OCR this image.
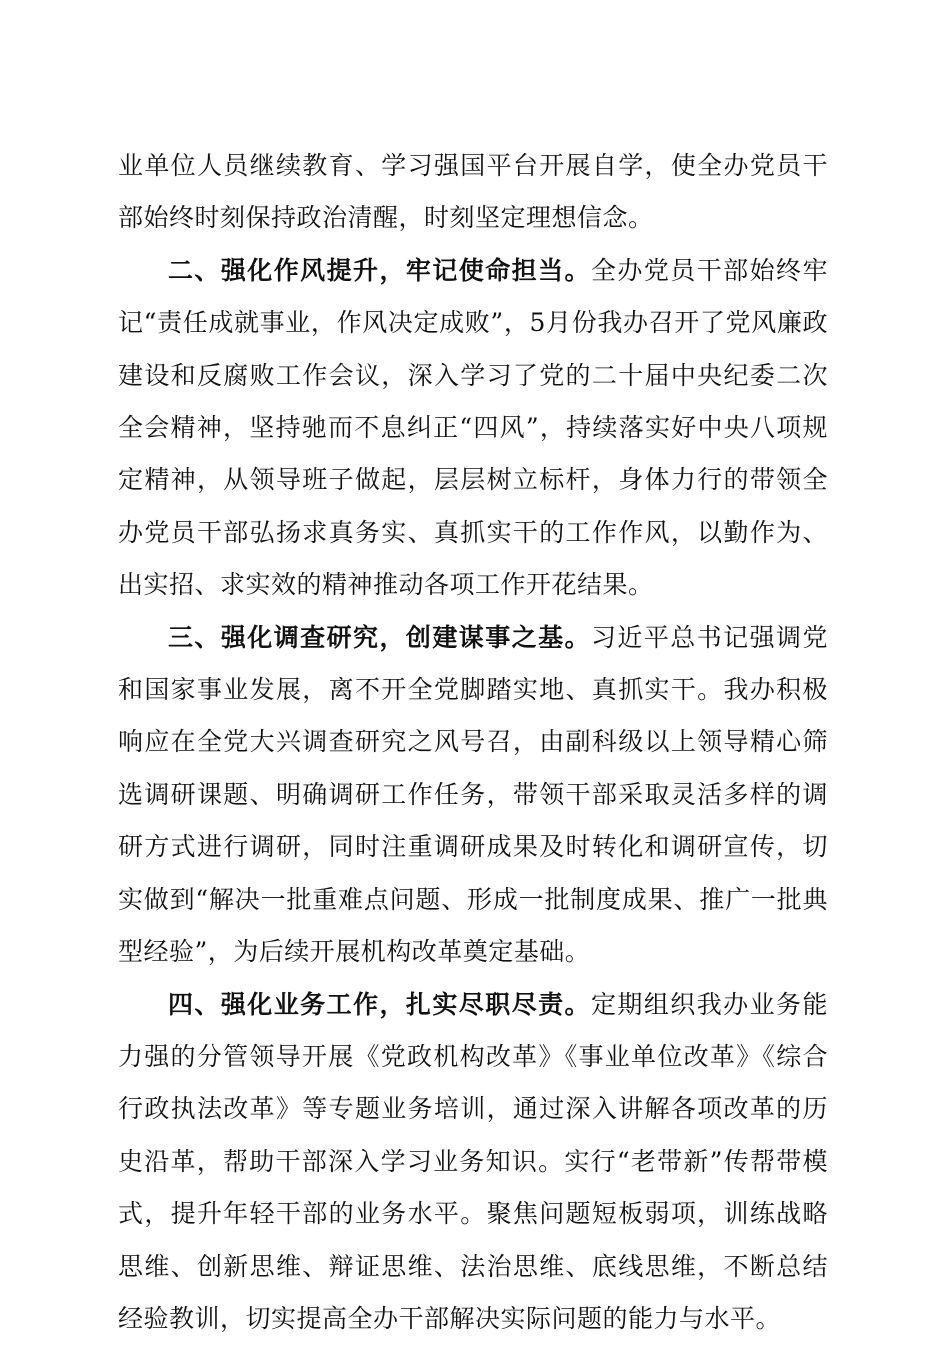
业单位人员继续教育、学习强国平台开展自学，使全办党员干部始终时刻保持政治清醒，时刻坚定理想信念。

二、强化作风提升，牢记使命担当。全办党员干部始终牢记“责任成就事业，作风决定成败”，5月份我办召开了党风廉政建设和反腐败工作会议，深入学习了党的二十届中央纪委二次全会精神，坚持驰而不息纠正“四风”，持续落实好中央八项规定精神，从领导班子做起，层层树立标杆，身体力行的带领全办党员干部弘扬求真务实、真抓实干的工作作风，以勤作为、出实招、求实效的精神推动各项工作开花结果。

三、强化调查研究，创建谋事之基。习近平总书记强调党和国家事业发展，离不开全党脚踏实地、真抓实干。我办积极响应在全党大兴调查研究之风号召，由副科级以上领导精心筛选调研课题、明确调研工作任务，带领干部采取灵活多样的调研方式进行调研，同时注重调研成果及时转化和调研宣传，切实做到“解决一批重难点问题、形成一批制度成果、推广一批典型经验”，为后续开展机构改革奠定基础。

四、强化业务工作，扎实尽职尽责。定期组织我办业务能力强的分管领导开展《党政机构改革》《事业单位改革》《综合行政执法改革》等专题业务培训，通过深入讲解各项改革的历史沿革，帮助干部深入学习业务知识。实行“老带新”传帮带模式，提升年轻干部的业务水平。聚焦问题短板弱项，训练战略思维、创新思维、辩证思维、法治思维、底线思维，不断总结经验教训，切实提高全办干部解决实际问题的能力与水平。
